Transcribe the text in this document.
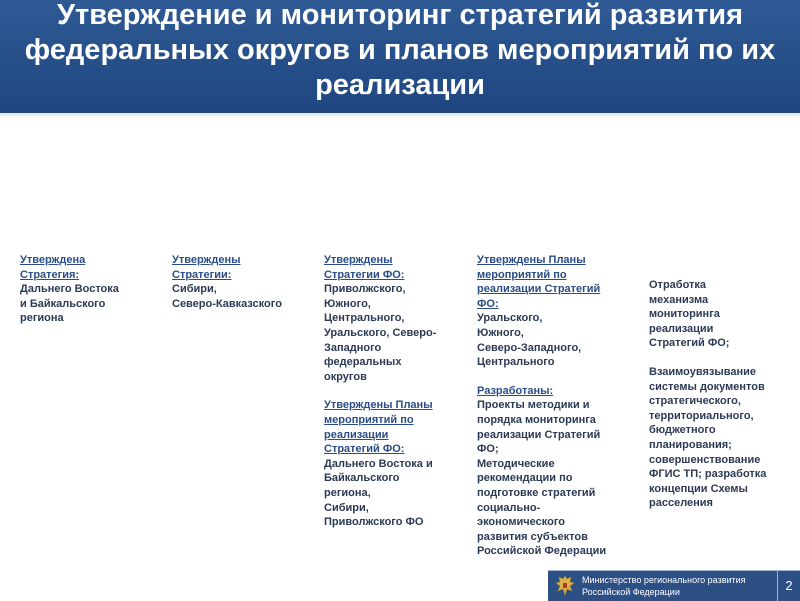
Утверждение и мониторинг стратегий развития федеральных округов и планов мероприятий по их реализации
Утверждена
Стратегия:
Дальнего Востока
и Байкальского
региона
Утверждены
Стратегии:
Сибири,
Северо-Кавказского
Утверждены
Стратегии ФО:
Приволжского,
Южного,
Центрального,
Уральского, Северо-
Западного
федеральных
округов
Утверждены Планы
мероприятий по
реализации
Стратегий ФО:
Дальнего Востока и
Байкальского
региона,
Сибири,
Приволжского ФО
Утверждены Планы
мероприятий по
реализации Стратегий
ФО:
Уральского,
Южного,
Северо-Западного,
Центрального
Разработаны:
Проекты методики и
порядка мониторинга
реализации Стратегий
ФО;
Методические
рекомендации по
подготовке стратегий
социально-
экономического
развития субъектов
Российской Федерации
Отработка
механизма
мониторинга
реализации
Стратегий ФО;
Взаимоувязывание
системы документов
стратегического,
территориального,
бюджетного
планирования;
совершенствование
ФГИС ТП; разработка
концепции Схемы
расселения
Министерство регионального развития
Российской Федерации	2
